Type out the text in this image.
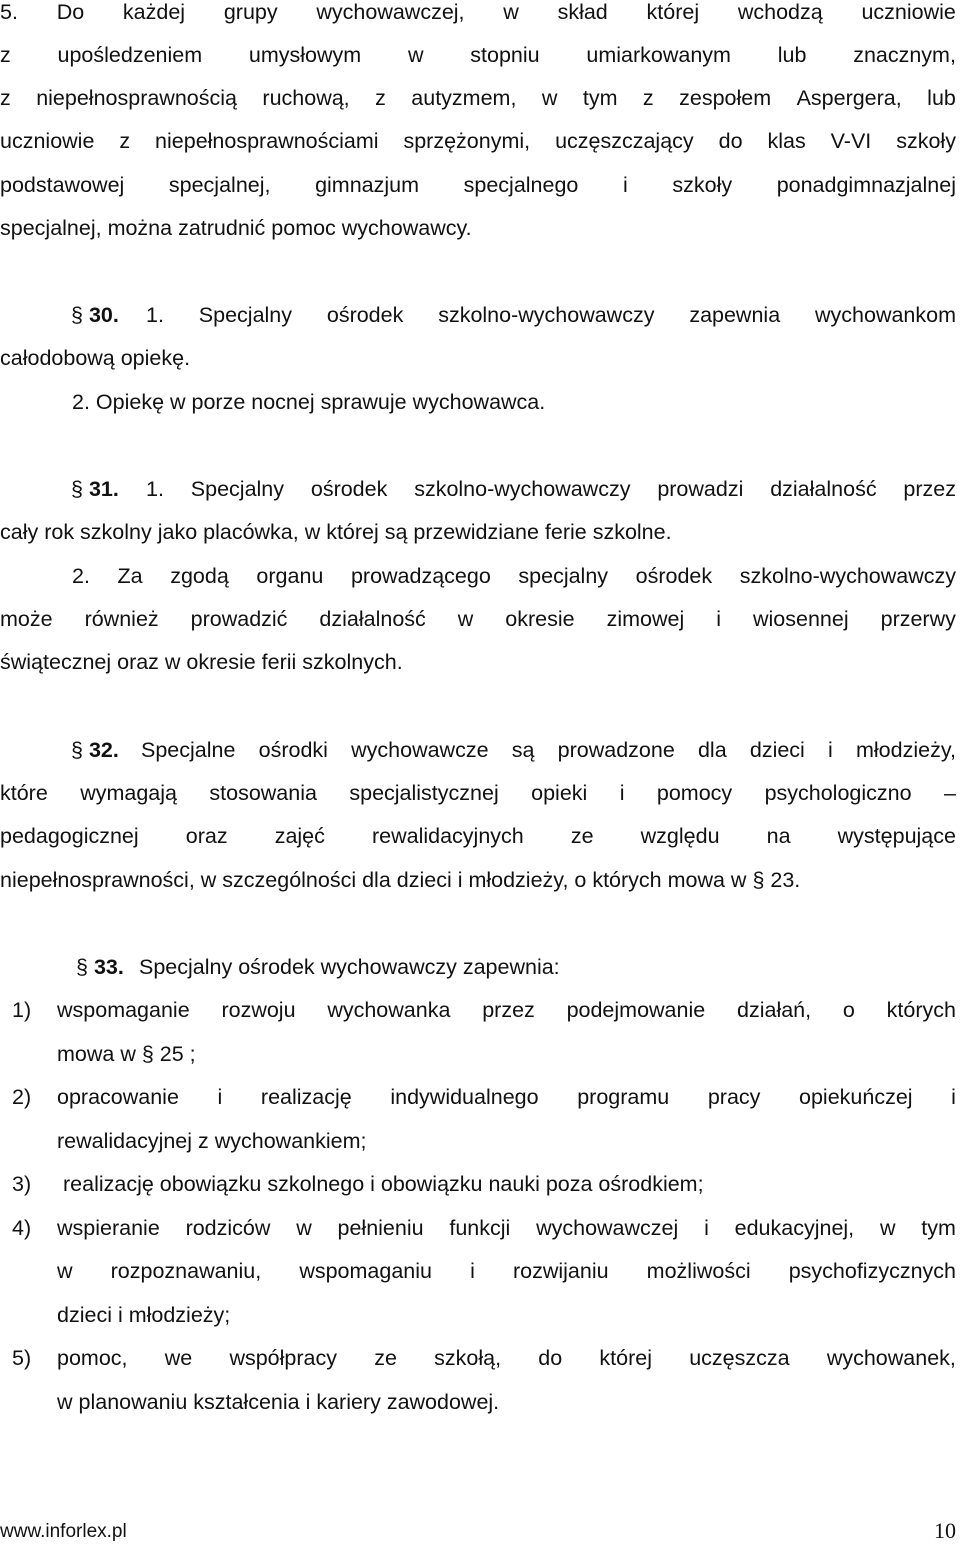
5. Do każdej grupy wychowawczej, w skład której wchodzą uczniowie
z upośledzeniem umysłowym w stopniu umiarkowanym lub znacznym,
z niepełnosprawnością ruchową, z autyzmem, w tym z zespołem Aspergera, lub
uczniowie z niepełnosprawnościami sprzężonymi, uczęszczający do klas V-VI szkoły
podstawowej specjalnej, gimnazjum specjalnego i szkoły ponadgimnazjalnej
specjalnej, można zatrudnić pomoc wychowawcy.
§ 30. 1. Specjalny ośrodek szkolno-wychowawczy zapewnia wychowankom
całodobową opiekę.
2. Opiekę w porze nocnej sprawuje wychowawca.
§ 31. 1. Specjalny ośrodek szkolno-wychowawczy prowadzi działalność przez
cały rok szkolny jako placówka, w której są przewidziane ferie szkolne.
2. Za zgodą organu prowadzącego specjalny ośrodek szkolno-wychowawczy
może również prowadzić działalność w okresie zimowej i wiosennej przerwy
świątecznej oraz w okresie ferii szkolnych.
§ 32. Specjalne ośrodki wychowawcze są prowadzone dla dzieci i młodzieży,
które wymagają stosowania specjalistycznej opieki i pomocy psychologiczno –
pedagogicznej oraz zajęć rewalidacyjnych ze względu na występujące
niepełnosprawności, w szczególności dla dzieci i młodzieży, o których mowa w § 23.
§ 33. Specjalny ośrodek wychowawczy zapewnia:
1) wspomaganie rozwoju wychowanka przez podejmowanie działań, o których
mowa w § 25 ;
2) opracowanie i realizację indywidualnego programu pracy opiekuńczej i
rewalidacyjnej z wychowankiem;
3) realizację obowiązku szkolnego i obowiązku nauki poza ośrodkiem;
4) wspieranie rodziców w pełnieniu funkcji wychowawczej i edukacyjnej, w tym
w rozpoznawaniu, wspomaganiu i rozwijaniu możliwości psychofizycznych
dzieci i młodzieży;
5) pomoc, we współpracy ze szkołą, do której uczęszcza wychowanek,
w planowaniu kształcenia i kariery zawodowej.
www.inforlex.pl	10
